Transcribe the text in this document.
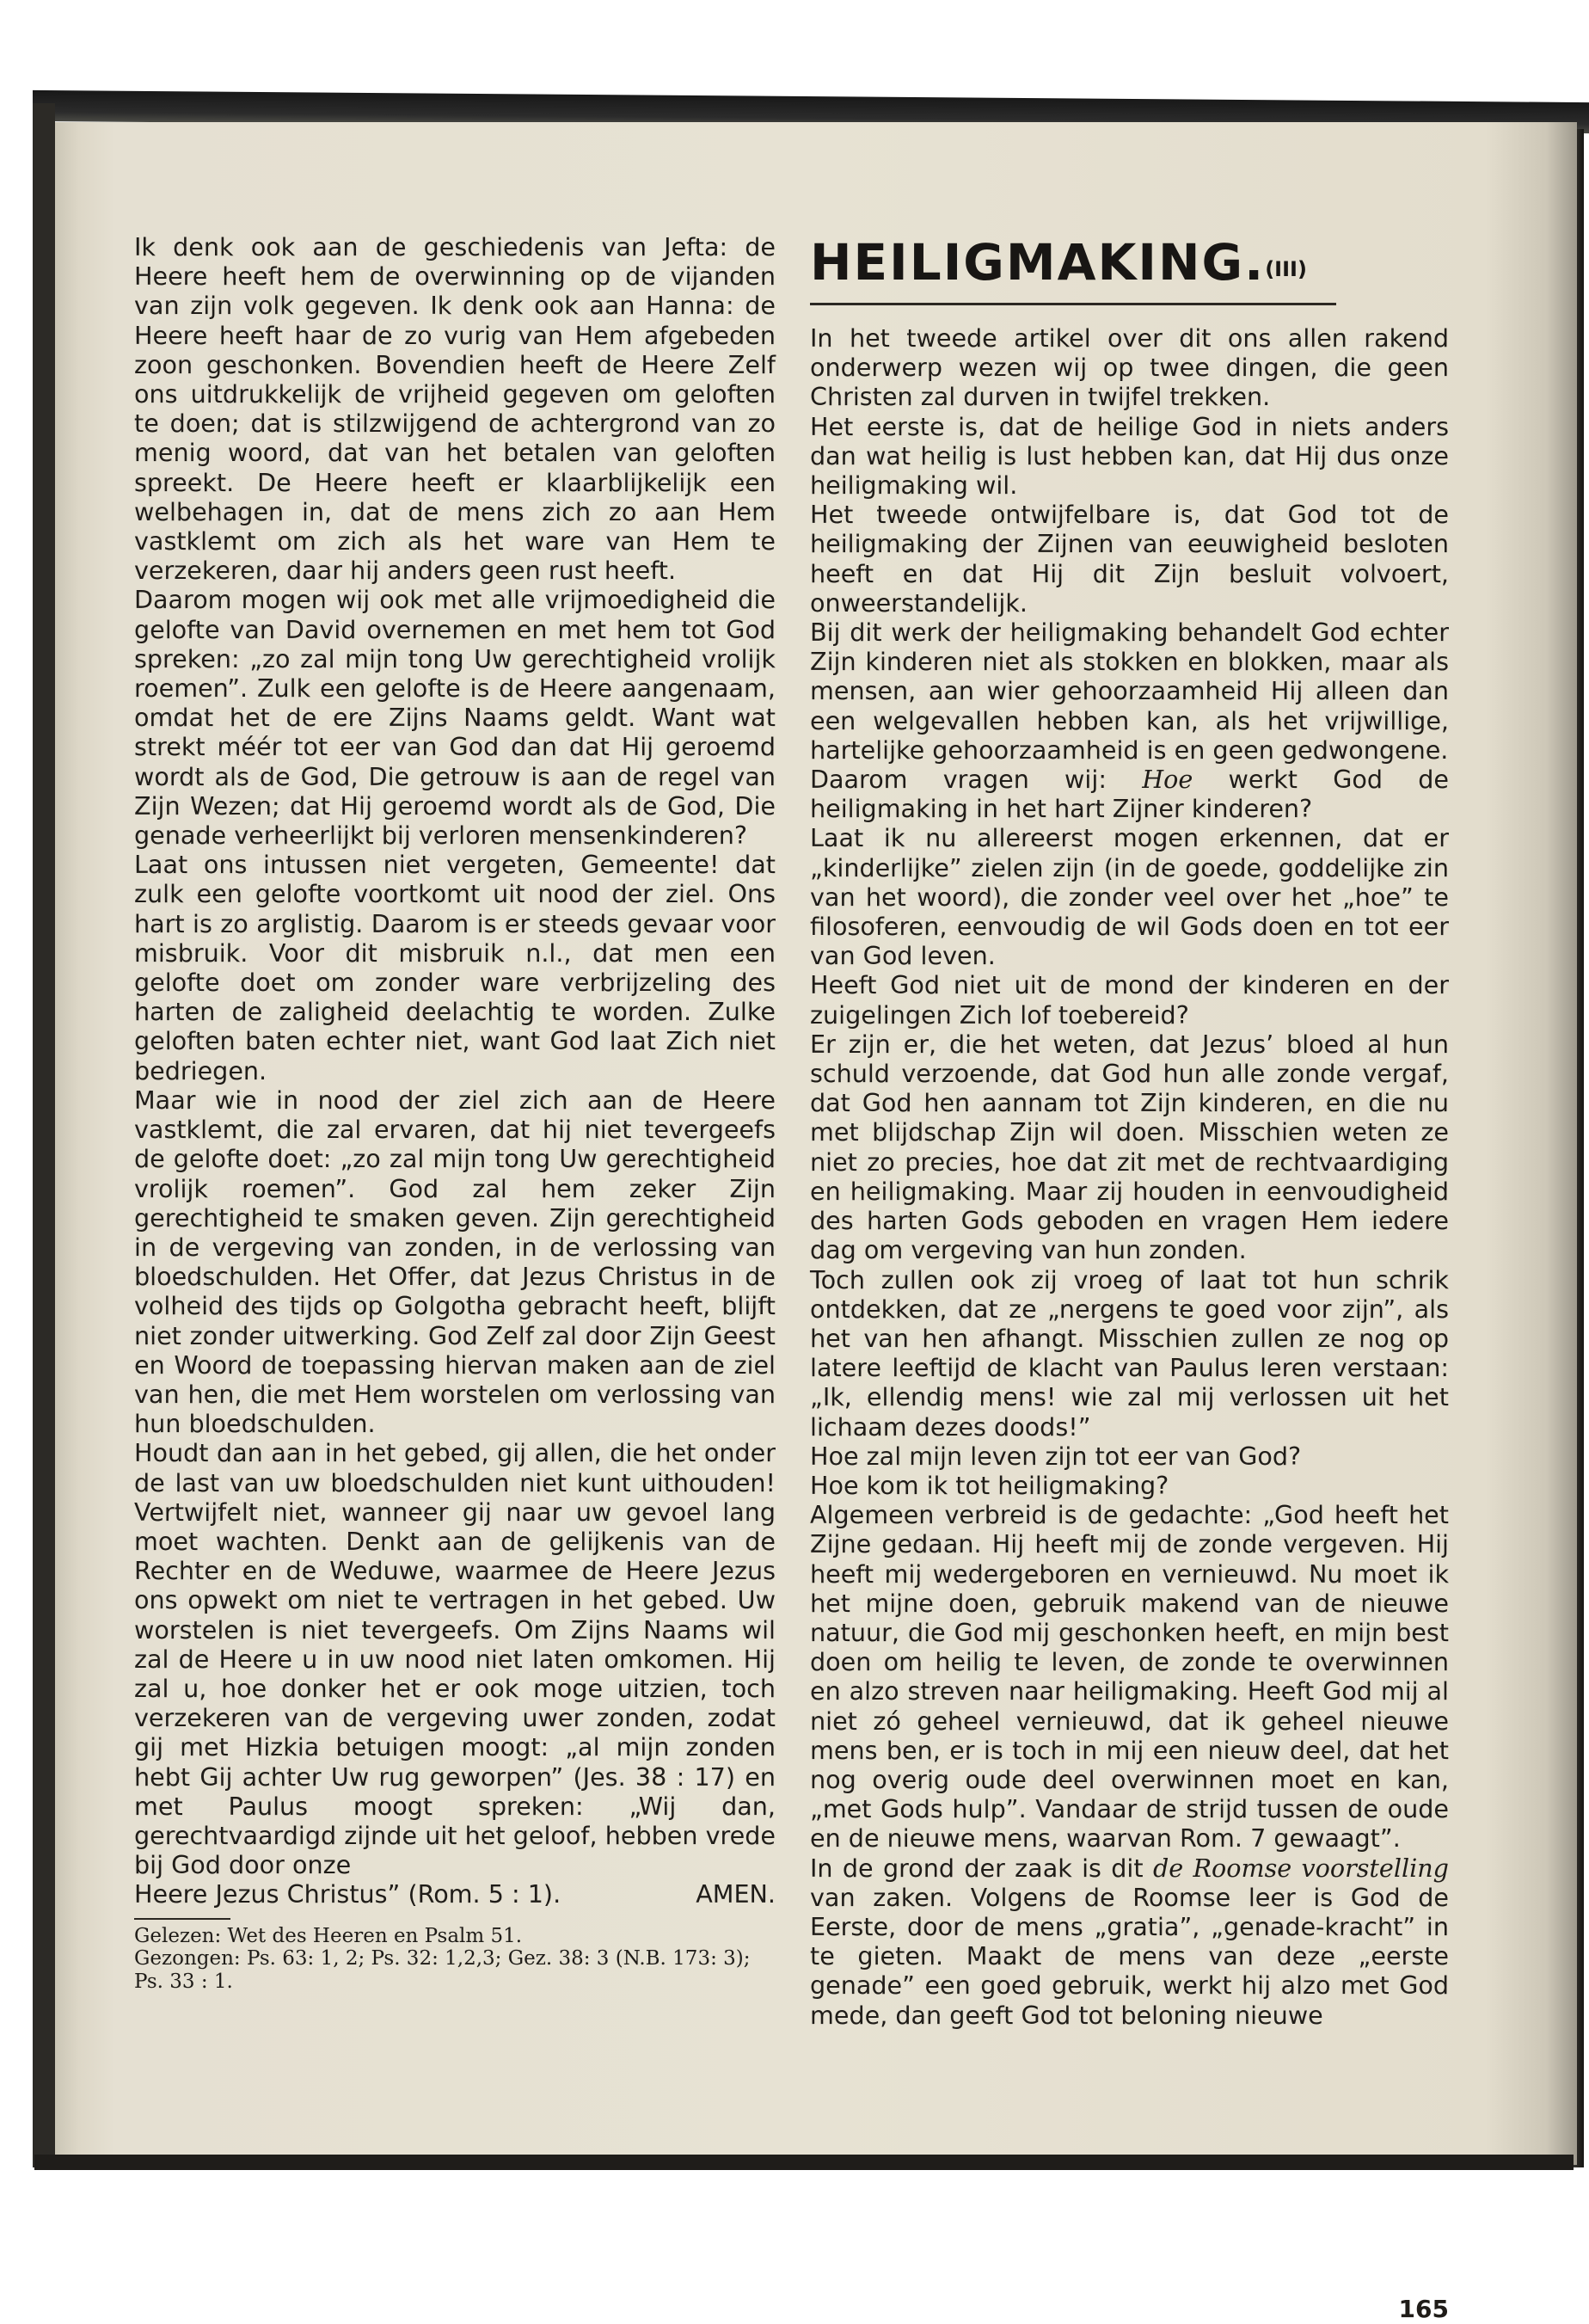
Ik denk ook aan de geschiedenis van Jefta: de Heere heeft hem de overwinning op de vijanden van zijn volk gegeven. Ik denk ook aan Hanna: de Heere heeft haar de zo vurig van Hem afgebeden zoon geschonken. Bovendien heeft de Heere Zelf ons uitdrukkelijk de vrijheid gegeven om geloften te doen; dat is stilzwijgend de achtergrond van zo menig woord, dat van het betalen van geloften spreekt. De Heere heeft er klaarblijkelijk een welbehagen in, dat de mens zich zo aan Hem vastklemt om zich als het ware van Hem te verzekeren, daar hij anders geen rust heeft.

Daarom mogen wij ook met alle vrijmoedigheid die gelofte van David overnemen en met hem tot God spreken: „zo zal mijn tong Uw gerechtigheid vrolijk roemen”. Zulk een gelofte is de Heere aangenaam, omdat het de ere Zijns Naams geldt. Want wat strekt méér tot eer van God dan dat Hij geroemd wordt als de God, Die getrouw is aan de regel van Zijn Wezen; dat Hij geroemd wordt als de God, Die genade verheerlijkt bij verloren mensenkinderen?

Laat ons intussen niet vergeten, Gemeente! dat zulk een gelofte voortkomt uit nood der ziel. Ons hart is zo arglistig. Daarom is er steeds gevaar voor misbruik. Voor dit misbruik n.l., dat men een gelofte doet om zonder ware verbrijzeling des harten de zaligheid deelachtig te worden. Zulke geloften baten echter niet, want God laat Zich niet bedriegen.

Maar wie in nood der ziel zich aan de Heere vastklemt, die zal ervaren, dat hij niet tevergeefs de gelofte doet: „zo zal mijn tong Uw gerechtigheid vrolijk roemen”. God zal hem zeker Zijn gerechtigheid te smaken geven. Zijn gerechtigheid in de vergeving van zonden, in de verlossing van bloedschulden. Het Offer, dat Jezus Christus in de volheid des tijds op Golgotha gebracht heeft, blijft niet zonder uitwerking. God Zelf zal door Zijn Geest en Woord de toepassing hiervan maken aan de ziel van hen, die met Hem worstelen om verlossing van hun bloedschulden.

Houdt dan aan in het gebed, gij allen, die het onder de last van uw bloedschulden niet kunt uithouden! Vertwijfelt niet, wanneer gij naar uw gevoel lang moet wachten. Denkt aan de gelijkenis van de Rechter en de Weduwe, waarmee de Heere Jezus ons opwekt om niet te vertragen in het gebed. Uw worstelen is niet tevergeefs. Om Zijns Naams wil zal de Heere u in uw nood niet laten omkomen. Hij zal u, hoe donker het er ook moge uitzien, toch verzekeren van de vergeving uwer zonden, zodat gij met Hizkia betuigen moogt: „al mijn zonden hebt Gij achter Uw rug geworpen” (Jes. 38 : 17) en met Paulus moogt spreken: „Wij dan, gerechtvaardigd zijnde uit het geloof, hebben vrede bij God door onze

Heere Jezus Christus” (Rom. 5 : 1).	AMEN.

Gelezen: Wet des Heeren en Psalm 51.

Gezongen: Ps. 63: 1, 2; Ps. 32: 1,2,3; Gez. 38: 3 (N.B. 173: 3); Ps. 33 : 1.

HEILIGMAKING.(III)

In het tweede artikel over dit ons allen rakend onderwerp wezen wij op twee dingen, die geen Christen zal durven in twijfel trekken.

Het eerste is, dat de heilige God in niets anders dan wat heilig is lust hebben kan, dat Hij dus onze heiligmaking wil.

Het tweede ontwijfelbare is, dat God tot de heiligmaking der Zijnen van eeuwigheid besloten heeft en dat Hij dit Zijn besluit volvoert, onweerstandelijk.

Bij dit werk der heiligmaking behandelt God echter Zijn kinderen niet als stokken en blokken, maar als mensen, aan wier gehoorzaamheid Hij alleen dan een welgevallen hebben kan, als het vrijwillige, hartelijke gehoorzaamheid is en geen gedwongene.

Daarom vragen wij: Hoe werkt God de heiligmaking in het hart Zijner kinderen?

Laat ik nu allereerst mogen erkennen, dat er „kinderlijke” zielen zijn (in de goede, goddelijke zin van het woord), die zonder veel over het „hoe” te filosoferen, eenvoudig de wil Gods doen en tot eer van God leven.

Heeft God niet uit de mond der kinderen en der zuigelingen Zich lof toebereid?

Er zijn er, die het weten, dat Jezus’ bloed al hun schuld verzoende, dat God hun alle zonde vergaf, dat God hen aannam tot Zijn kinderen, en die nu met blijdschap Zijn wil doen. Misschien weten ze niet zo precies, hoe dat zit met de rechtvaardiging en heiligmaking. Maar zij houden in eenvoudigheid des harten Gods geboden en vragen Hem iedere dag om vergeving van hun zonden.

Toch zullen ook zij vroeg of laat tot hun schrik ontdekken, dat ze „nergens te goed voor zijn”, als het van hen afhangt. Misschien zullen ze nog op latere leeftijd de klacht van Paulus leren verstaan: „Ik, ellendig mens! wie zal mij verlossen uit het lichaam dezes doods!”

Hoe zal mijn leven zijn tot eer van God?

Hoe kom ik tot heiligmaking?

Algemeen verbreid is de gedachte: „God heeft het Zijne gedaan. Hij heeft mij de zonde vergeven. Hij heeft mij wedergeboren en vernieuwd. Nu moet ik het mijne doen, gebruik makend van de nieuwe natuur, die God mij geschonken heeft, en mijn best doen om heilig te leven, de zonde te overwinnen en alzo streven naar heiligmaking. Heeft God mij al niet zó geheel vernieuwd, dat ik geheel nieuwe mens ben, er is toch in mij een nieuw deel, dat het nog overig oude deel overwinnen moet en kan, „met Gods hulp”. Vandaar de strijd tussen de oude en de nieuwe mens, waarvan Rom. 7 gewaagt”.

In de grond der zaak is dit de Roomse voorstelling van zaken. Volgens de Roomse leer is God de Eerste, door de mens „gratia”, „genade-kracht” in te gieten. Maakt de mens van deze „eerste genade” een goed gebruik, werkt hij alzo met God mede, dan geeft God tot beloning nieuwe

165
